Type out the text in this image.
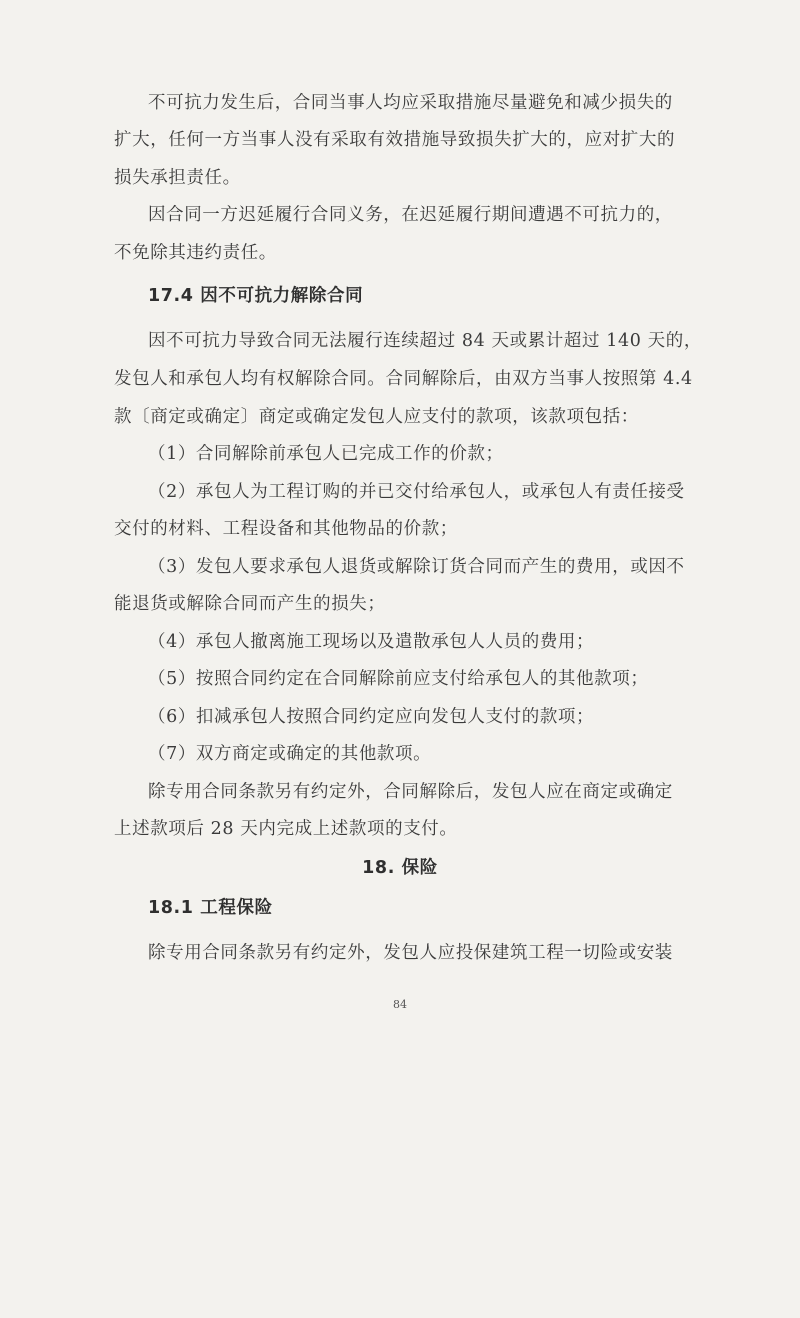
不可抗力发生后，合同当事人均应采取措施尽量避免和减少损失的
扩大，任何一方当事人没有采取有效措施导致损失扩大的，应对扩大的
损失承担责任。
因合同一方迟延履行合同义务，在迟延履行期间遭遇不可抗力的，
不免除其违约责任。
17.4 因不可抗力解除合同
因不可抗力导致合同无法履行连续超过 84 天或累计超过 140 天的，
发包人和承包人均有权解除合同。合同解除后，由双方当事人按照第 4.4
款〔商定或确定〕商定或确定发包人应支付的款项，该款项包括：
（1）合同解除前承包人已完成工作的价款；
（2）承包人为工程订购的并已交付给承包人，或承包人有责任接受
交付的材料、工程设备和其他物品的价款；
（3）发包人要求承包人退货或解除订货合同而产生的费用，或因不
能退货或解除合同而产生的损失；
（4）承包人撤离施工现场以及遣散承包人人员的费用；
（5）按照合同约定在合同解除前应支付给承包人的其他款项；
（6）扣减承包人按照合同约定应向发包人支付的款项；
（7）双方商定或确定的其他款项。
除专用合同条款另有约定外，合同解除后，发包人应在商定或确定
上述款项后 28 天内完成上述款项的支付。
18. 保险
18.1 工程保险
除专用合同条款另有约定外，发包人应投保建筑工程一切险或安装
84
